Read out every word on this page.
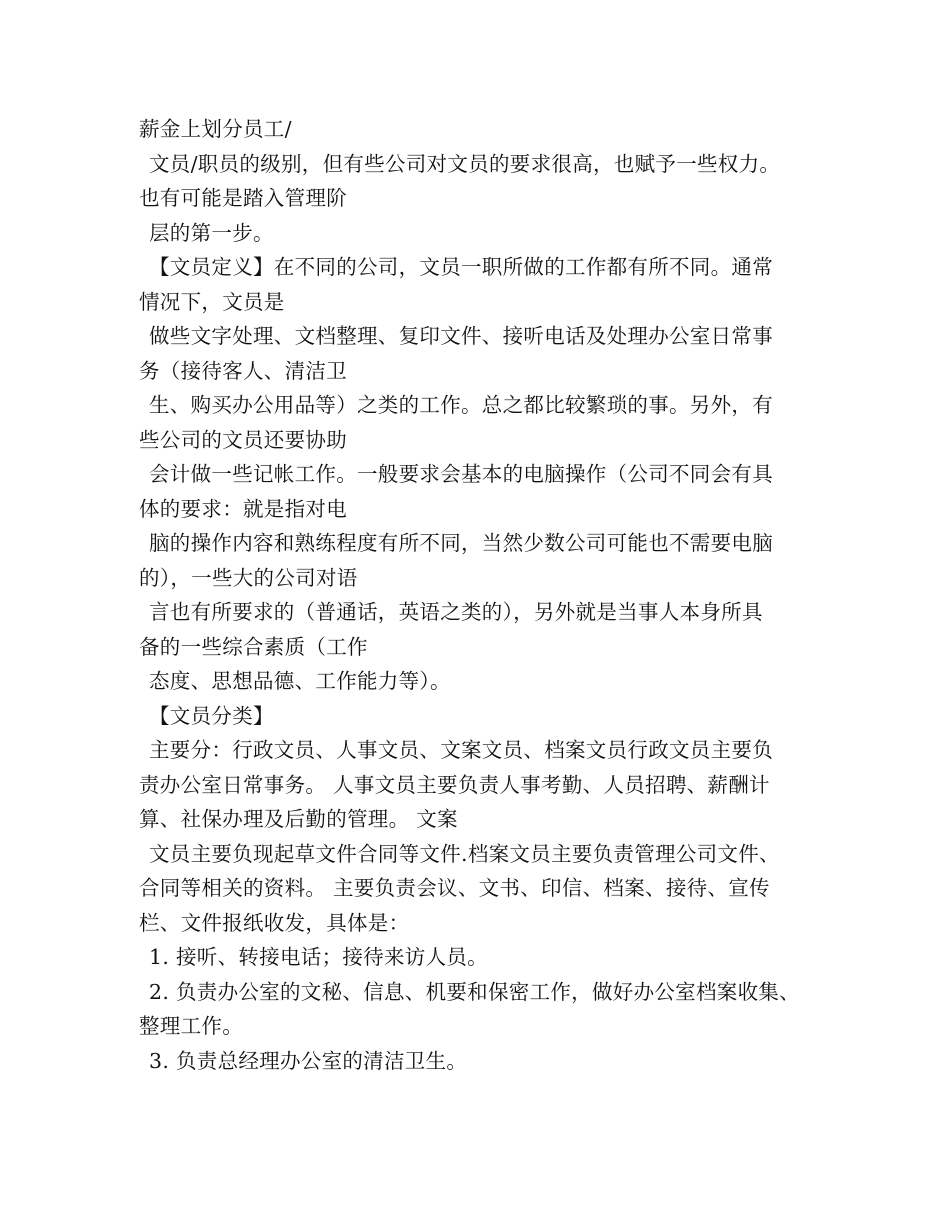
薪金上划分员工/
文员/职员的级别，但有些公司对文员的要求很高，也赋予一些权力。
也有可能是踏入管理阶
层的第一步。
【文员定义】在不同的公司，文员一职所做的工作都有所不同。通常
情况下，文员是
做些文字处理、文档整理、复印文件、接听电话及处理办公室日常事
务（接待客人、清洁卫
生、购买办公用品等）之类的工作。总之都比较繁琐的事。另外，有
些公司的文员还要协助
会计做一些记帐工作。一般要求会基本的电脑操作（公司不同会有具
体的要求：就是指对电
脑的操作内容和熟练程度有所不同，当然少数公司可能也不需要电脑
的），一些大的公司对语
言也有所要求的（普通话，英语之类的），另外就是当事人本身所具
备的一些综合素质（工作
态度、思想品德、工作能力等）。
【文员分类】
主要分：行政文员、人事文员、文案文员、档案文员行政文员主要负
责办公室日常事务。 人事文员主要负责人事考勤、人员招聘、薪酬计
算、社保办理及后勤的管理。 文案
文员主要负现起草文件合同等文件.档案文员主要负责管理公司文件、
合同等相关的资料。 主要负责会议、文书、印信、档案、接待、宣传
栏、文件报纸收发，具体是：
1. 接听、转接电话；接待来访人员。
2. 负责办公室的文秘、信息、机要和保密工作，做好办公室档案收集、
整理工作。
3. 负责总经理办公室的清洁卫生。
